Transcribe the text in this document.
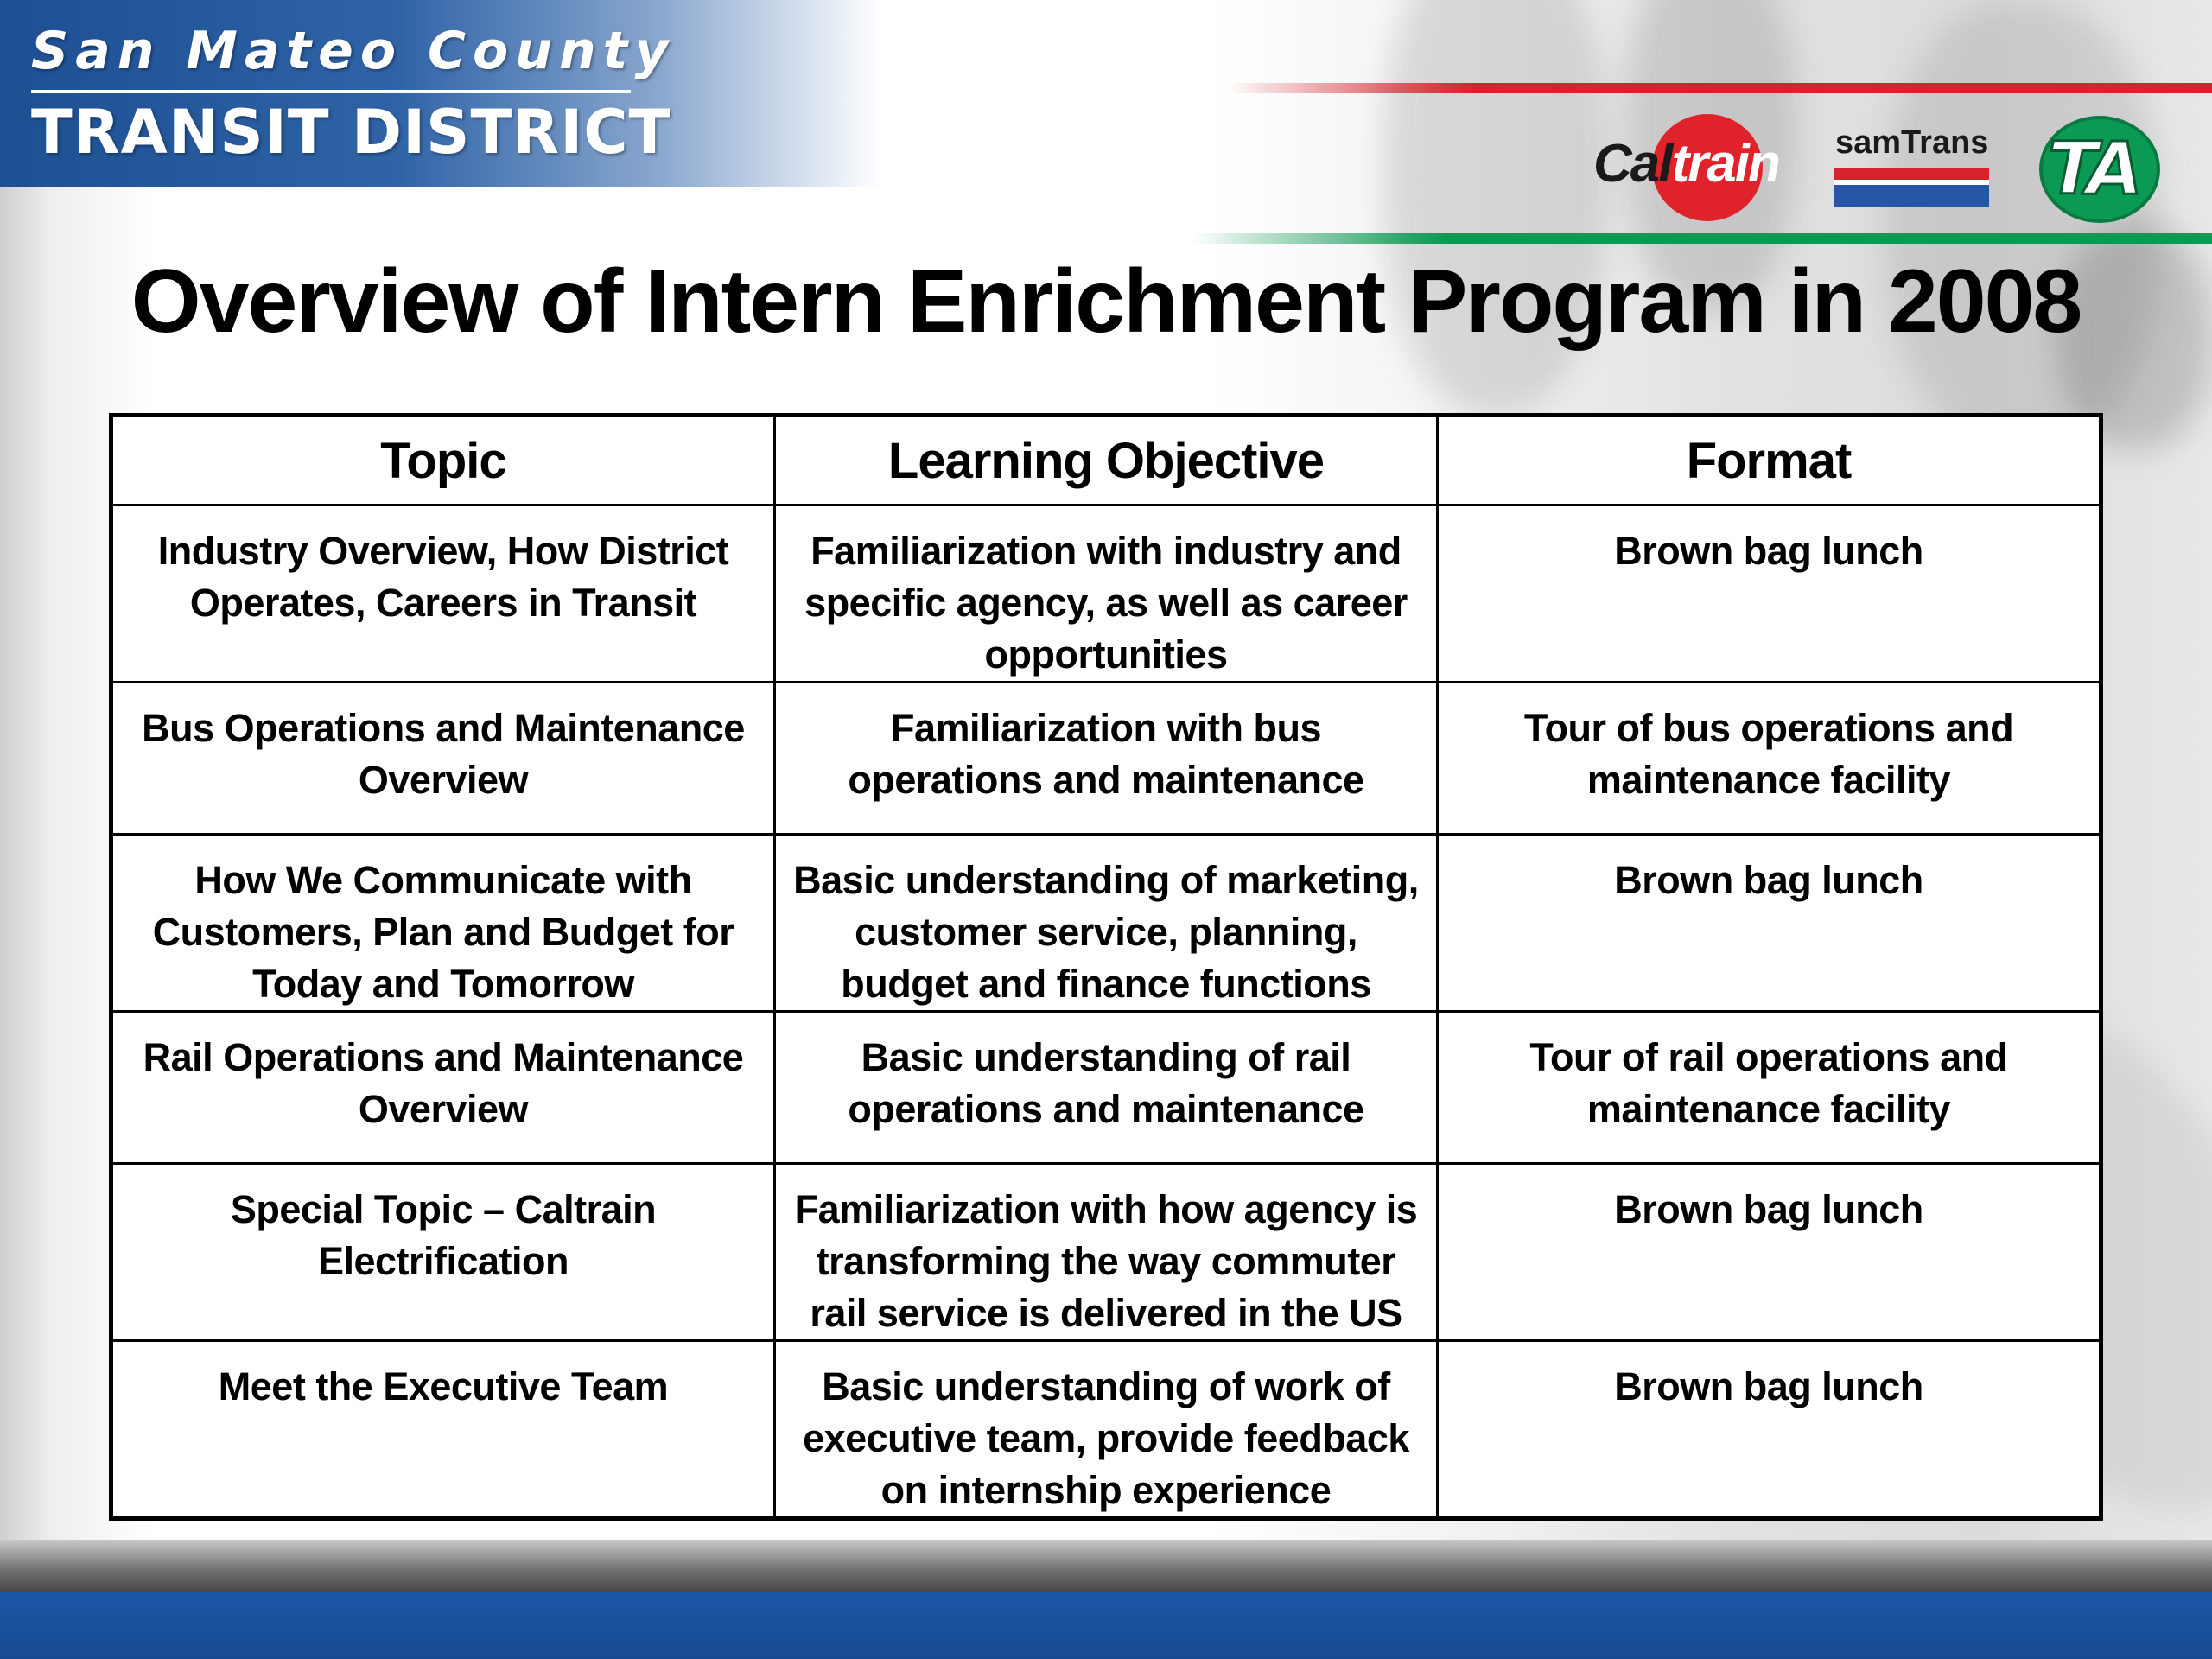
San Mateo County
TRANSIT DISTRICT	Caltrain samTrans TA
Overview of Intern Enrichment Program in 2008
Topic	Learning Objective	Format
Industry Overview, How District Operates, Careers in Transit	Familiarization with industry and specific agency, as well as career opportunities	Brown bag lunch
Bus Operations and Maintenance Overview	Familiarization with bus operations and maintenance	Tour of bus operations and maintenance facility
How We Communicate with Customers, Plan and Budget for Today and Tomorrow	Basic understanding of marketing, customer service, planning, budget and finance functions	Brown bag lunch
Rail Operations and Maintenance Overview	Basic understanding of rail operations and maintenance	Tour of rail operations and maintenance facility
Special Topic – Caltrain Electrification	Familiarization with how agency is transforming the way commuter rail service is delivered in the US	Brown bag lunch
Meet the Executive Team	Basic understanding of work of executive team, provide feedback on internship experience	Brown bag lunch
